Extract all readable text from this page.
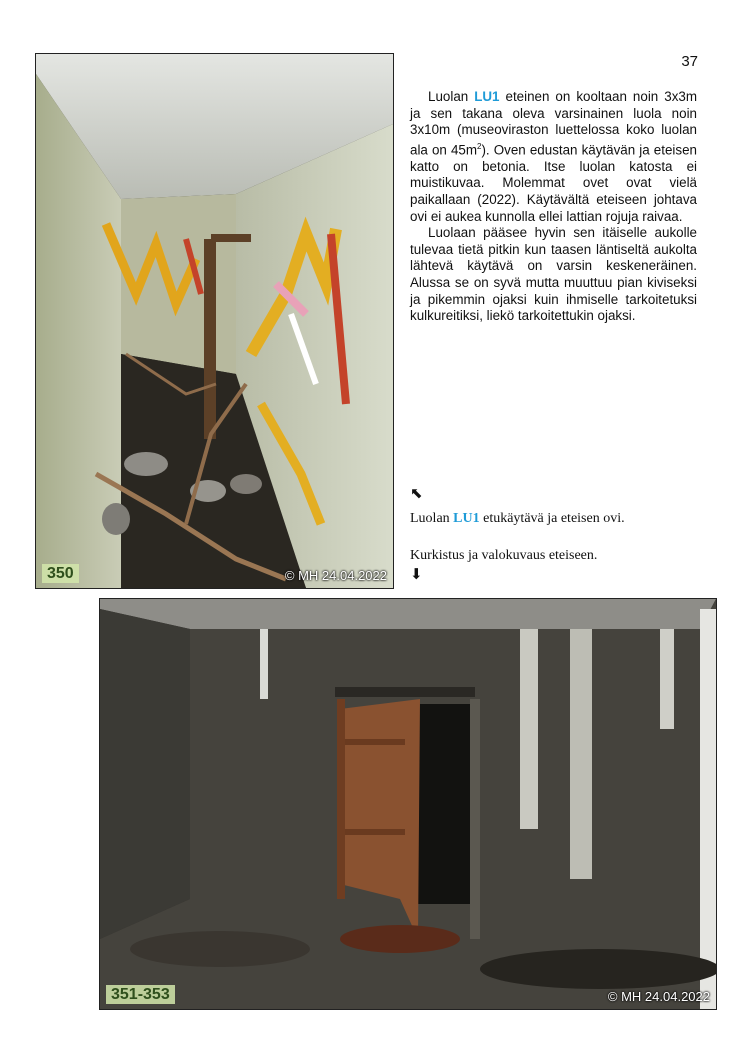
37
350	© MH 24.04.2022

Luolan LU1 eteinen on kooltaan noin 3x3m ja sen takana oleva varsinainen luola noin 3x10m (museoviraston luettelossa koko luolan ala on $45m^2$). Oven edustan käytävän ja eteisen katto on betonia. Itse luolan katosta ei muistikuvaa. Molemmat ovet ovat vielä paikallaan (2022). Käytävältä eteiseen johtava ovi ei aukea kunnolla ellei lattian rojuja raivaa.

Luolaan pääsee hyvin sen itäiselle aukolle tulevaa tietä pitkin kun taasen läntiseltä aukolta lähtevä käytävä on varsin keskeneräinen. Alussa se on syvä mutta muuttuu pian kiviseksi ja pikemmin ojaksi kuin ihmiselle tarkoitetuksi kulkureitiksi, liekö tarkoitettukin ojaksi.

⬉
Luolan LU1 etukäytävä ja eteisen ovi.
Kurkistus ja valokuvaus eteiseen.
⬇
351-353	© MH 24.04.2022
